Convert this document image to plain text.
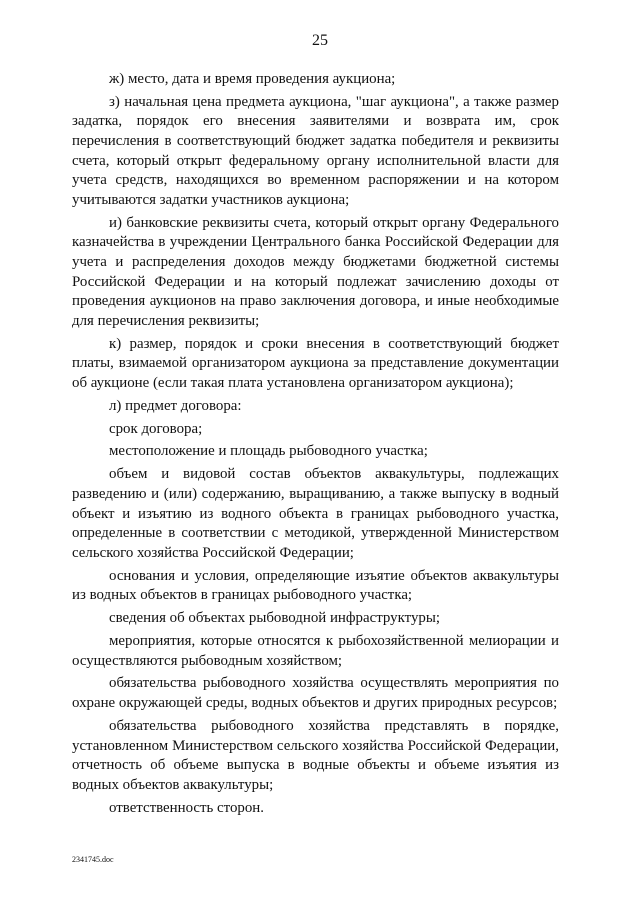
25

ж) место, дата и время проведения аукциона;

з) начальная цена предмета аукциона, "шаг аукциона", а также размер задатка, порядок его внесения заявителями и возврата им, срок перечисления в соответствующий бюджет задатка победителя и реквизиты счета, который открыт федеральному органу исполнительной власти для учета средств, находящихся во временном распоряжении и на котором учитываются задатки участников аукциона;

и) банковские реквизиты счета, который открыт органу Федерального казначейства в учреждении Центрального банка Российской Федерации для учета и распределения доходов между бюджетами бюджетной системы Российской Федерации и на который подлежат зачислению доходы от проведения аукционов на право заключения договора, и иные необходимые для перечисления реквизиты;

к) размер, порядок и сроки внесения в соответствующий бюджет платы, взимаемой организатором аукциона за представление документации об аукционе (если такая плата установлена организатором аукциона);

л) предмет договора:

срок договора;

местоположение и площадь рыбоводного участка;

объем и видовой состав объектов аквакультуры, подлежащих разведению и (или) содержанию, выращиванию, а также выпуску в водный объект и изъятию из водного объекта в границах рыбоводного участка, определенные в соответствии с методикой, утвержденной Министерством сельского хозяйства Российской Федерации;

основания и условия, определяющие изъятие объектов аквакультуры из водных объектов в границах рыбоводного участка;

сведения об объектах рыбоводной инфраструктуры;

мероприятия, которые относятся к рыбохозяйственной мелиорации и осуществляются рыбоводным хозяйством;

обязательства рыбоводного хозяйства осуществлять мероприятия по охране окружающей среды, водных объектов и других природных ресурсов;

обязательства рыбоводного хозяйства представлять в порядке, установленном Министерством сельского хозяйства Российской Федерации, отчетность об объеме выпуска в водные объекты и объеме изъятия из водных объектов аквакультуры;

ответственность сторон.

2341745.doc
